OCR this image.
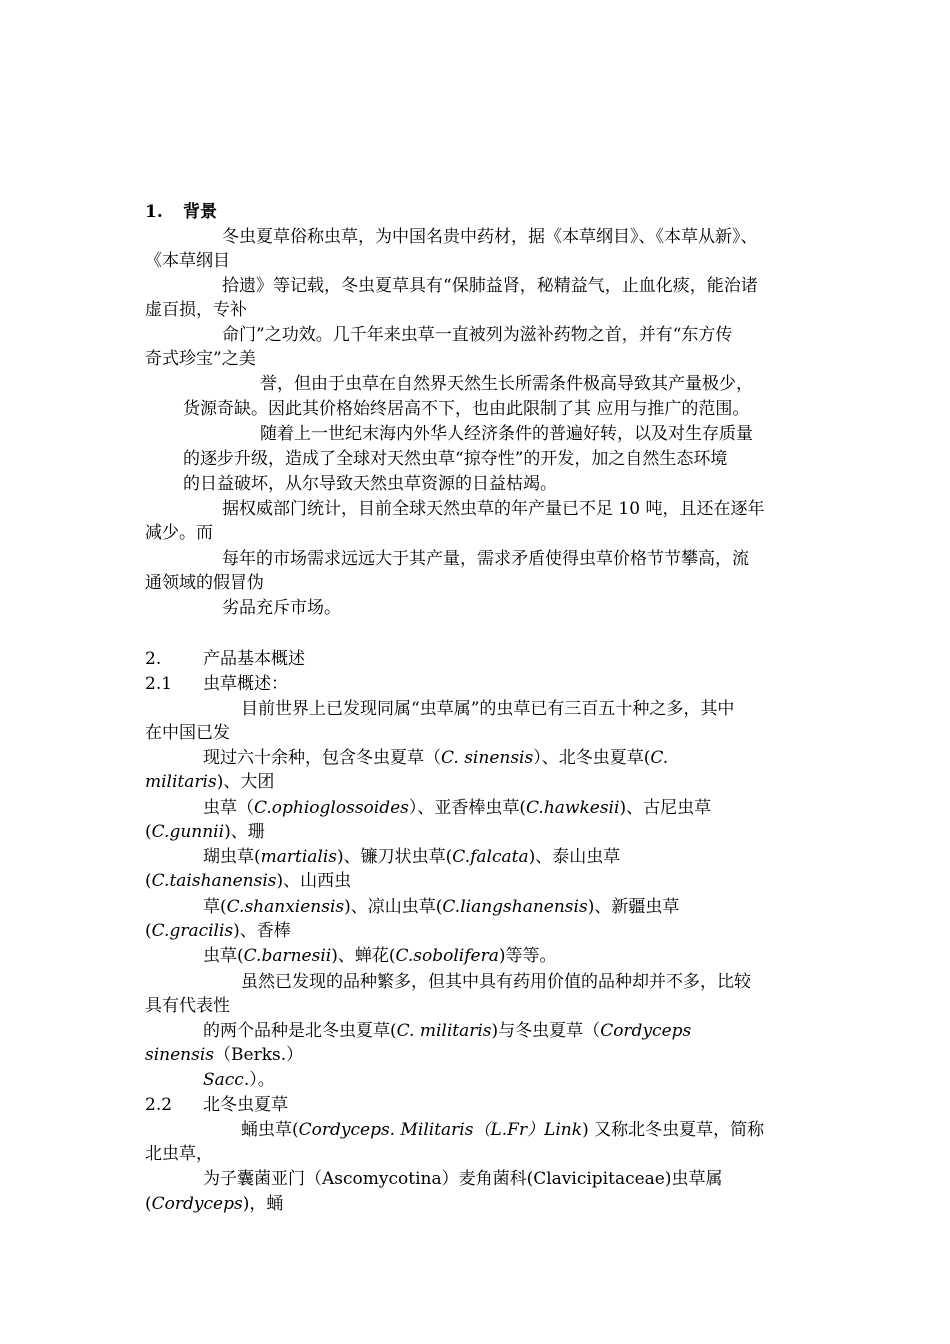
1. 背景
冬虫夏草俗称虫草，为中国名贵中药材，据《本草纲目》、《本草从新》、
《本草纲目
拾遗》等记载，冬虫夏草具有“保肺益肾，秘精益气，止血化痰，能治诸
虚百损，专补
命门”之功效。几千年来虫草一直被列为滋补药物之首，并有“东方传
奇式珍宝”之美
誉，但由于虫草在自然界天然生长所需条件极高导致其产量极少，
货源奇缺。因此其价格始终居高不下，也由此限制了其 应用与推广的范围。
随着上一世纪末海内外华人经济条件的普遍好转，以及对生存质量
的逐步升级，造成了全球对天然虫草“掠夺性”的开发，加之自然生态环境
的日益破坏，从尔导致天然虫草资源的日益枯竭。
据权威部门统计，目前全球天然虫草的年产量已不足 10 吨，且还在逐年
减少。而
每年的市场需求远远大于其产量，需求矛盾使得虫草价格节节攀高，流
通领域的假冒伪
劣品充斥市场。
2. 产品基本概述
2.1 虫草概述：
目前世界上已发现同属“虫草属”的虫草已有三百五十种之多，其中
在中国已发
现过六十余种，包含冬虫夏草（C. sinensis）、北冬虫夏草(C.
militaris)、大团
虫草（C.ophioglossoides）、亚香棒虫草(C.hawkesii)、古尼虫草
(C.gunnii)、珊
瑚虫草(martialis)、镰刀状虫草(C.falcata)、泰山虫草
(C.taishanensis)、山西虫
草(C.shanxiensis)、凉山虫草(C.liangshanensis)、新疆虫草
(C.gracilis)、香棒
虫草(C.barnesii)、蝉花(C.sobolifera)等等。
虽然已发现的品种繁多，但其中具有药用价值的品种却并不多，比较
具有代表性
的两个品种是北冬虫夏草(C. militaris)与冬虫夏草（Cordyceps
sinensis（Berks.）
Sacc.）。
2.2 北冬虫夏草
蛹虫草(Cordyceps. Militaris（L.Fr）Link) 又称北冬虫夏草，简称
北虫草，
为子囊菌亚门（Ascomycotina）麦角菌科(Clavicipitaceae)虫草属
(Cordyceps)，蛹
